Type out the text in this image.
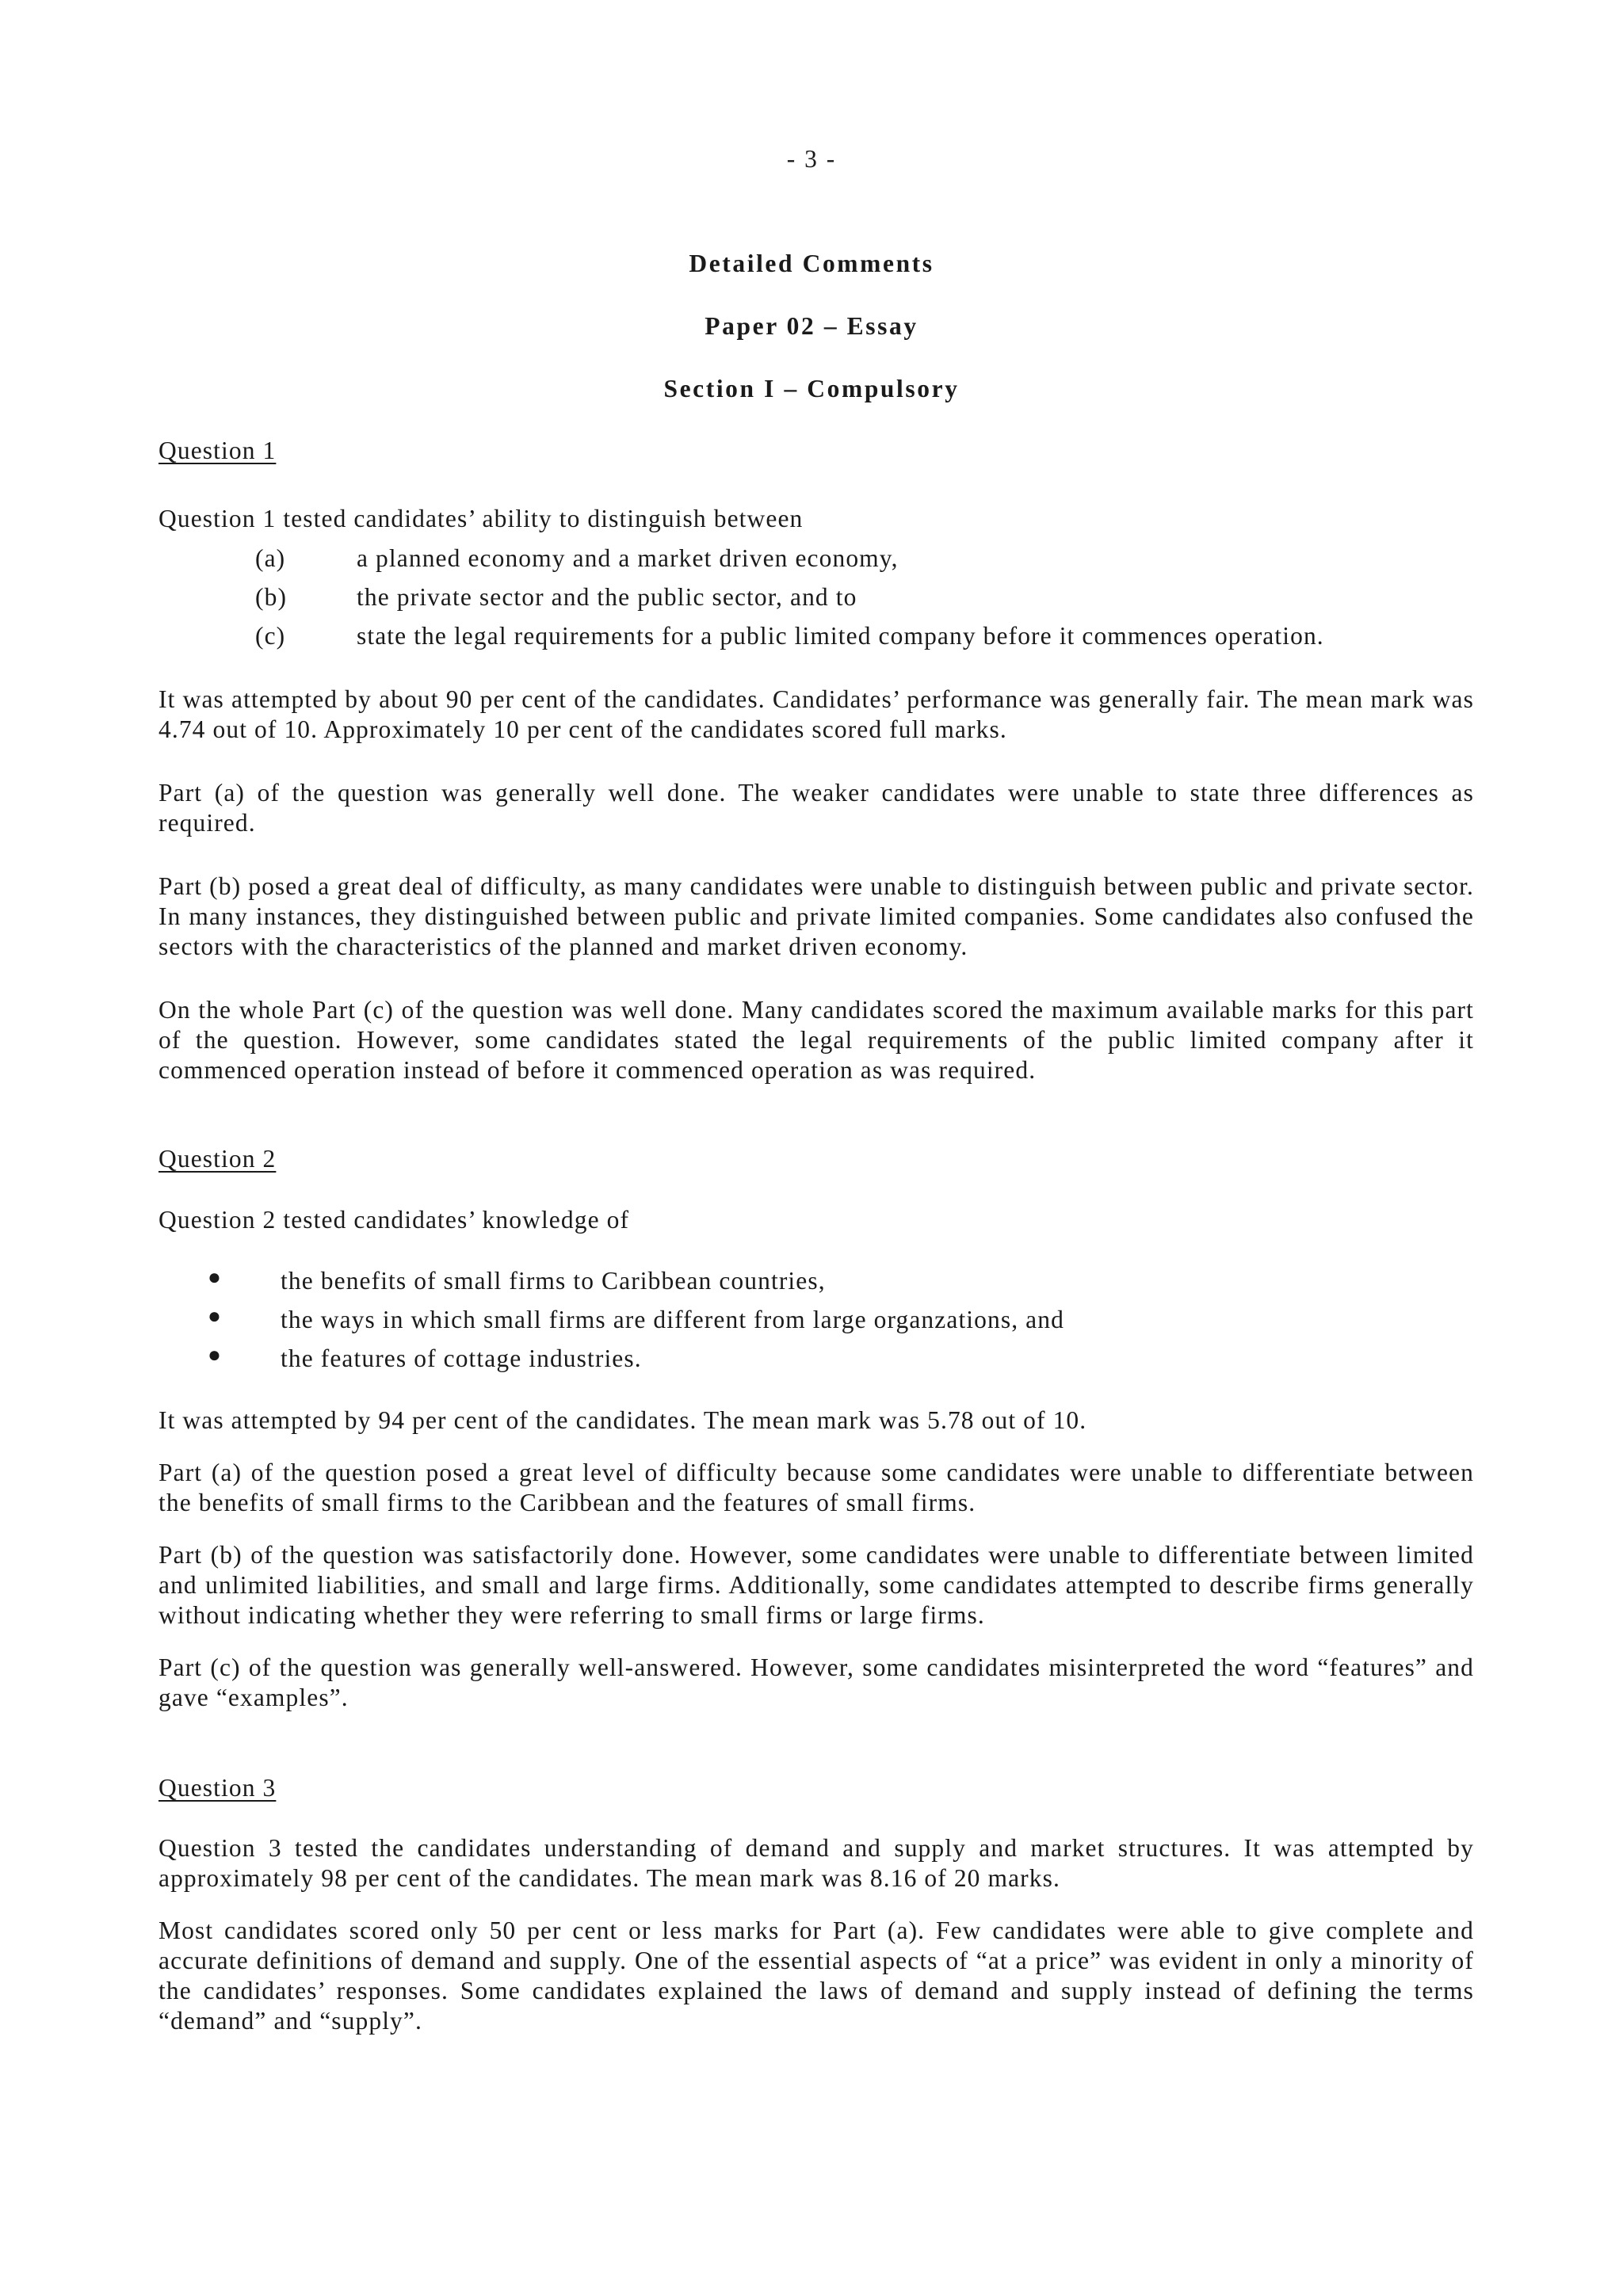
- 3 -
Detailed Comments
Paper 02 – Essay
Section I – Compulsory
Question 1
Question 1 tested candidates’ ability to distinguish between
(a)	a planned economy and a market driven economy,
(b)	the private sector and the public sector, and to
(c)	state the legal requirements for a public limited company before it commences operation.
It was attempted by about 90 per cent of the candidates. Candidates’ performance was generally fair. The mean mark was 4.74 out of 10. Approximately 10 per cent of the candidates scored full marks.
Part (a) of the question was generally well done. The weaker candidates were unable to state three differences as required.
Part (b) posed a great deal of difficulty, as many candidates were unable to distinguish between public and private sector. In many instances, they distinguished between public and private limited companies. Some candidates also confused the sectors with the characteristics of the planned and market driven economy.
On the whole Part (c) of the question was well done. Many candidates scored the maximum available marks for this part of the question. However, some candidates stated the legal requirements of the public limited company after it commenced operation instead of before it commenced operation as was required.
Question 2
Question 2 tested candidates’ knowledge of
● the benefits of small firms to Caribbean countries,
● the ways in which small firms are different from large organzations, and
● the features of cottage industries.
It was attempted by 94 per cent of the candidates. The mean mark was 5.78 out of 10.
Part (a) of the question posed a great level of difficulty because some candidates were unable to differentiate between the benefits of small firms to the Caribbean and the features of small firms.
Part (b) of the question was satisfactorily done. However, some candidates were unable to differentiate between limited and unlimited liabilities, and small and large firms. Additionally, some candidates attempted to describe firms generally without indicating whether they were referring to small firms or large firms.
Part (c) of the question was generally well-answered. However, some candidates misinterpreted the word “features” and gave “examples”.
Question 3
Question 3 tested the candidates understanding of demand and supply and market structures. It was attempted by approximately 98 per cent of the candidates. The mean mark was 8.16 of 20 marks.
Most candidates scored only 50 per cent or less marks for Part (a). Few candidates were able to give complete and accurate definitions of demand and supply. One of the essential aspects of “at a price” was evident in only a minority of the candidates’ responses. Some candidates explained the laws of demand and supply instead of defining the terms “demand” and “supply”.
